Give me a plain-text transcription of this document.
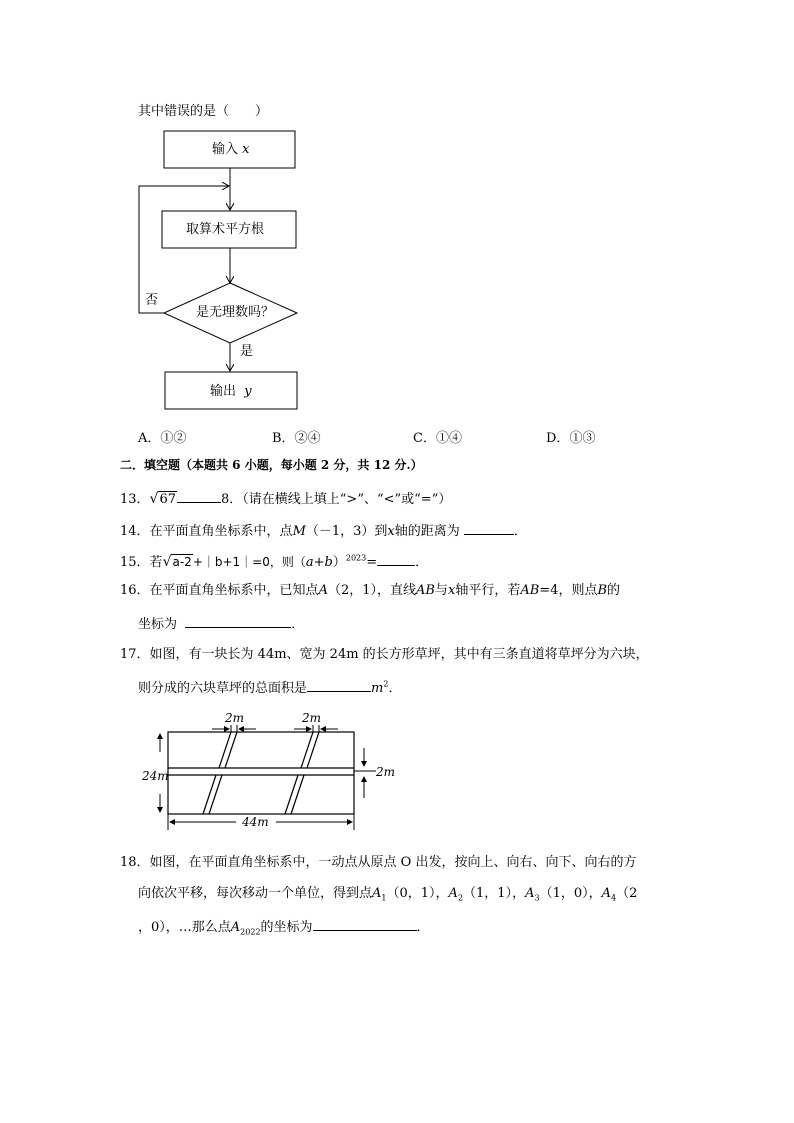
其中错误的是（　　）
输入 x
取算术平方根
是无理数吗？
否
是
输出 y
A．①②	B．②④	C．①④	D．①③
二．填空题（本题共 6 小题，每小题 2 分，共 12 分.）
13．√67	8．（请在横线上填上“>”、“<”或“=”）
14．在平面直角坐标系中，点M（－1，3）到x轴的距离为	．
15．若√a-2+｜b+1｜=0，则$(a+b)^{2023}=$	．
16．在平面直角坐标系中，已知点A（2，1），直线AB与x轴平行，若AB=4，则点B的
坐标为	．
17．如图，有一块长为 44m、宽为 24m 的长方形草坪，其中有三条直道将草坪分为六块，
则分成的六块草坪的总面积是	$m^2$．
2m	2m
2m
24m
44m
18．如图，在平面直角坐标系中，一动点从原点 O 出发，按向上、向右、向下、向右的方
向依次平移，每次移动一个单位，得到点$A_1(0$，1），$A_2(1$，1），$A_3(1$，0），$A_4(2$
，0），…那么点$A_{2022}$的坐标为	．
